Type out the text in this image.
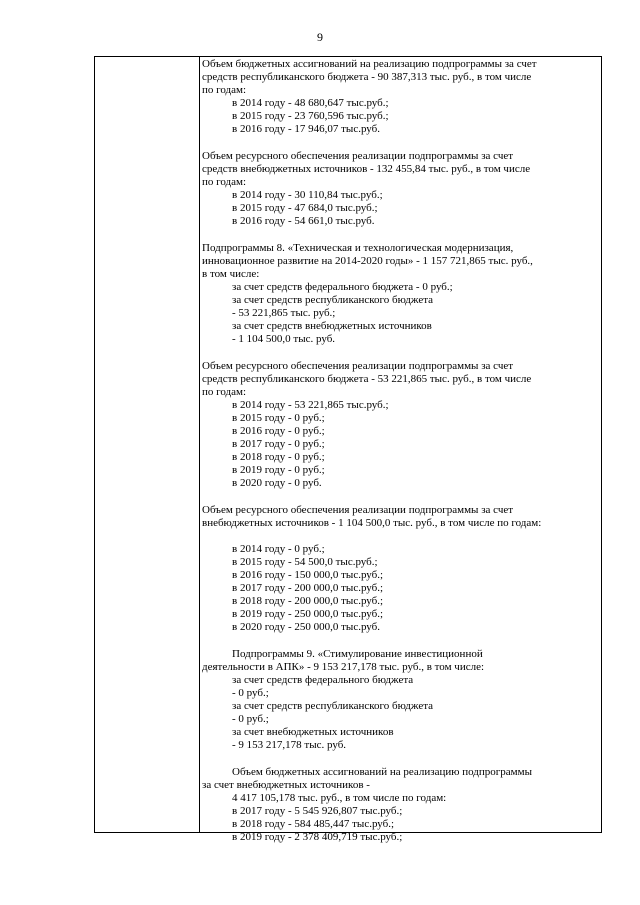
9

Объем бюджетных ассигнований на реализацию подпрограммы за счет

средств республиканского бюджета - 90 387,313 тыс. руб., в том числе

по годам:

в 2014 году - 48 680,647 тыс.руб.;

в 2015 году - 23 760,596 тыс.руб.;

в 2016 году - 17 946,07 тыс.руб.

Объем ресурсного обеспечения реализации подпрограммы за счет

средств внебюджетных источников - 132 455,84 тыс. руб., в том числе

по годам:

в 2014 году - 30 110,84 тыс.руб.;

в 2015 году - 47 684,0 тыс.руб.;

в 2016 году - 54 661,0 тыс.руб.

Подпрограммы 8. «Техническая и технологическая модернизация,

инновационное развитие на 2014-2020 годы» - 1 157 721,865 тыс. руб.,

в том числе:

за счет средств федерального бюджета - 0 руб.;

за счет средств республиканского бюджета

- 53 221,865 тыс. руб.;

за счет средств внебюджетных источников

- 1 104 500,0 тыс. руб.

Объем ресурсного обеспечения реализации подпрограммы за счет

средств республиканского бюджета - 53 221,865 тыс. руб., в том числе

по годам:

в 2014 году - 53 221,865 тыс.руб.;

в 2015 году - 0 руб.;

в 2016 году - 0 руб.;

в 2017 году - 0 руб.;

в 2018 году - 0 руб.;

в 2019 году - 0 руб.;

в 2020 году - 0 руб.

Объем ресурсного обеспечения реализации подпрограммы за счет

внебюджетных источников - 1 104 500,0 тыс. руб., в том числе по годам:

в 2014 году - 0 руб.;

в 2015 году - 54 500,0 тыс.руб.;

в 2016 году - 150 000,0 тыс.руб.;

в 2017 году - 200 000,0 тыс.руб.;

в 2018 году - 200 000,0 тыс.руб.;

в 2019 году - 250 000,0 тыс.руб.;

в 2020 году - 250 000,0 тыс.руб.

Подпрограммы 9. «Стимулирование инвестиционной

деятельности в АПК» - 9 153 217,178 тыс. руб., в том числе:

за счет средств федерального бюджета

- 0 руб.;

за счет средств республиканского бюджета

- 0 руб.;

за счет внебюджетных источников

- 9 153 217,178 тыс. руб.

Объем бюджетных ассигнований на реализацию подпрограммы

за счет внебюджетных источников -

4 417 105,178 тыс. руб., в том числе по годам:

в 2017 году - 5 545 926,807 тыс.руб.;

в 2018 году - 584 485,447 тыс.руб.;

в 2019 году - 2 378 409,719 тыс.руб.;
